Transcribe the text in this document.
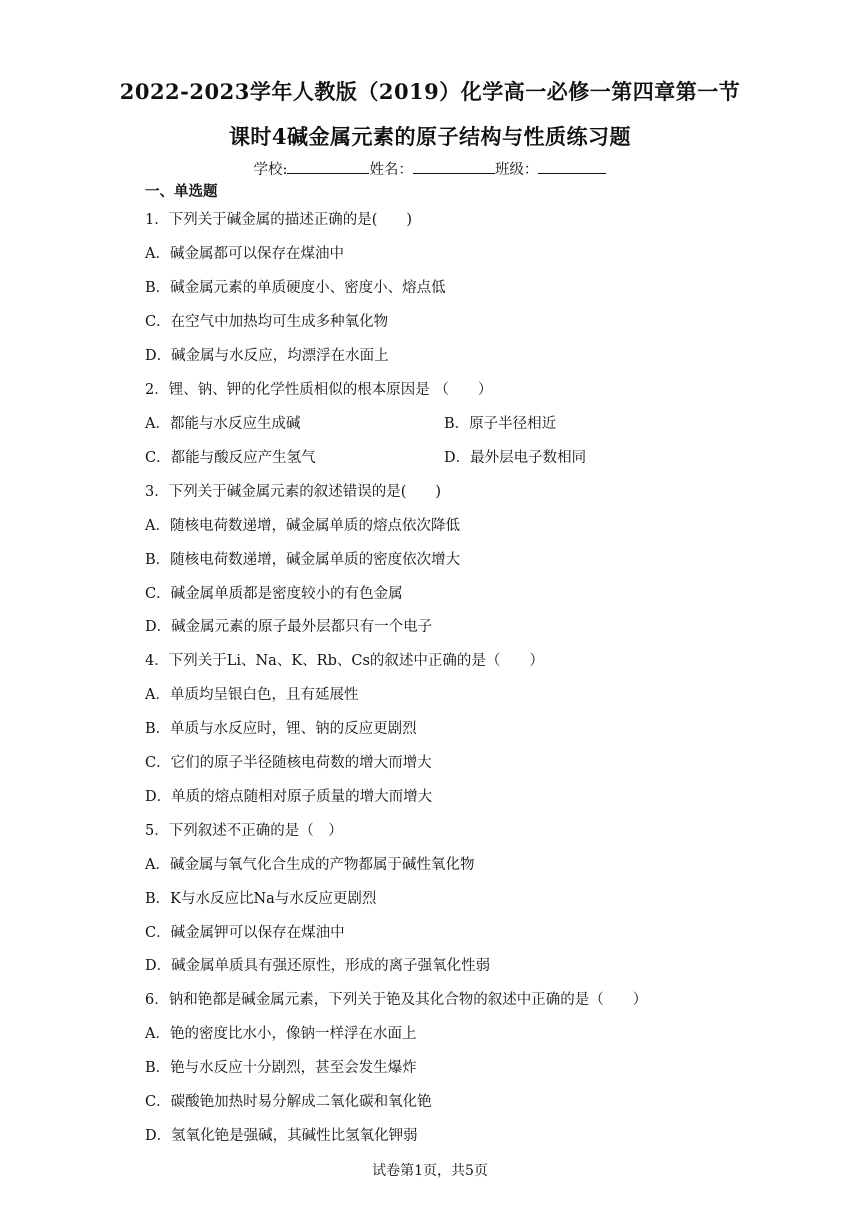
2022-2023学年人教版（2019）化学高一必修一第四章第一节
课时4碱金属元素的原子结构与性质练习题
学校:	姓名：	班级：
一、单选题
1．下列关于碱金属的描述正确的是(　　)
A．碱金属都可以保存在煤油中
B．碱金属元素的单质硬度小、密度小、熔点低
C．在空气中加热均可生成多种氧化物
D．碱金属与水反应，均漂浮在水面上
2．锂、钠、钾的化学性质相似的根本原因是 （　　）
A．都能与水反应生成碱	B．原子半径相近
C．都能与酸反应产生氢气	D．最外层电子数相同
3．下列关于碱金属元素的叙述错误的是(　　)
A．随核电荷数递增，碱金属单质的熔点依次降低
B．随核电荷数递增，碱金属单质的密度依次增大
C．碱金属单质都是密度较小的有色金属
D．碱金属元素的原子最外层都只有一个电子
4．下列关于Li、Na、K、Rb、Cs的叙述中正确的是（　　）
A．单质均呈银白色，且有延展性
B．单质与水反应时，锂、钠的反应更剧烈
C．它们的原子半径随核电荷数的增大而增大
D．单质的熔点随相对原子质量的增大而增大
5．下列叙述不正确的是（　）
A．碱金属与氧气化合生成的产物都属于碱性氧化物
B．K与水反应比Na与水反应更剧烈
C．碱金属钾可以保存在煤油中
D．碱金属单质具有强还原性，形成的离子强氧化性弱
6．钠和铯都是碱金属元素，下列关于铯及其化合物的叙述中正确的是（　　）
A．铯的密度比水小，像钠一样浮在水面上
B．铯与水反应十分剧烈，甚至会发生爆炸
C．碳酸铯加热时易分解成二氧化碳和氧化铯
D．氢氧化铯是强碱，其碱性比氢氧化钾弱
试卷第1页，共5页
